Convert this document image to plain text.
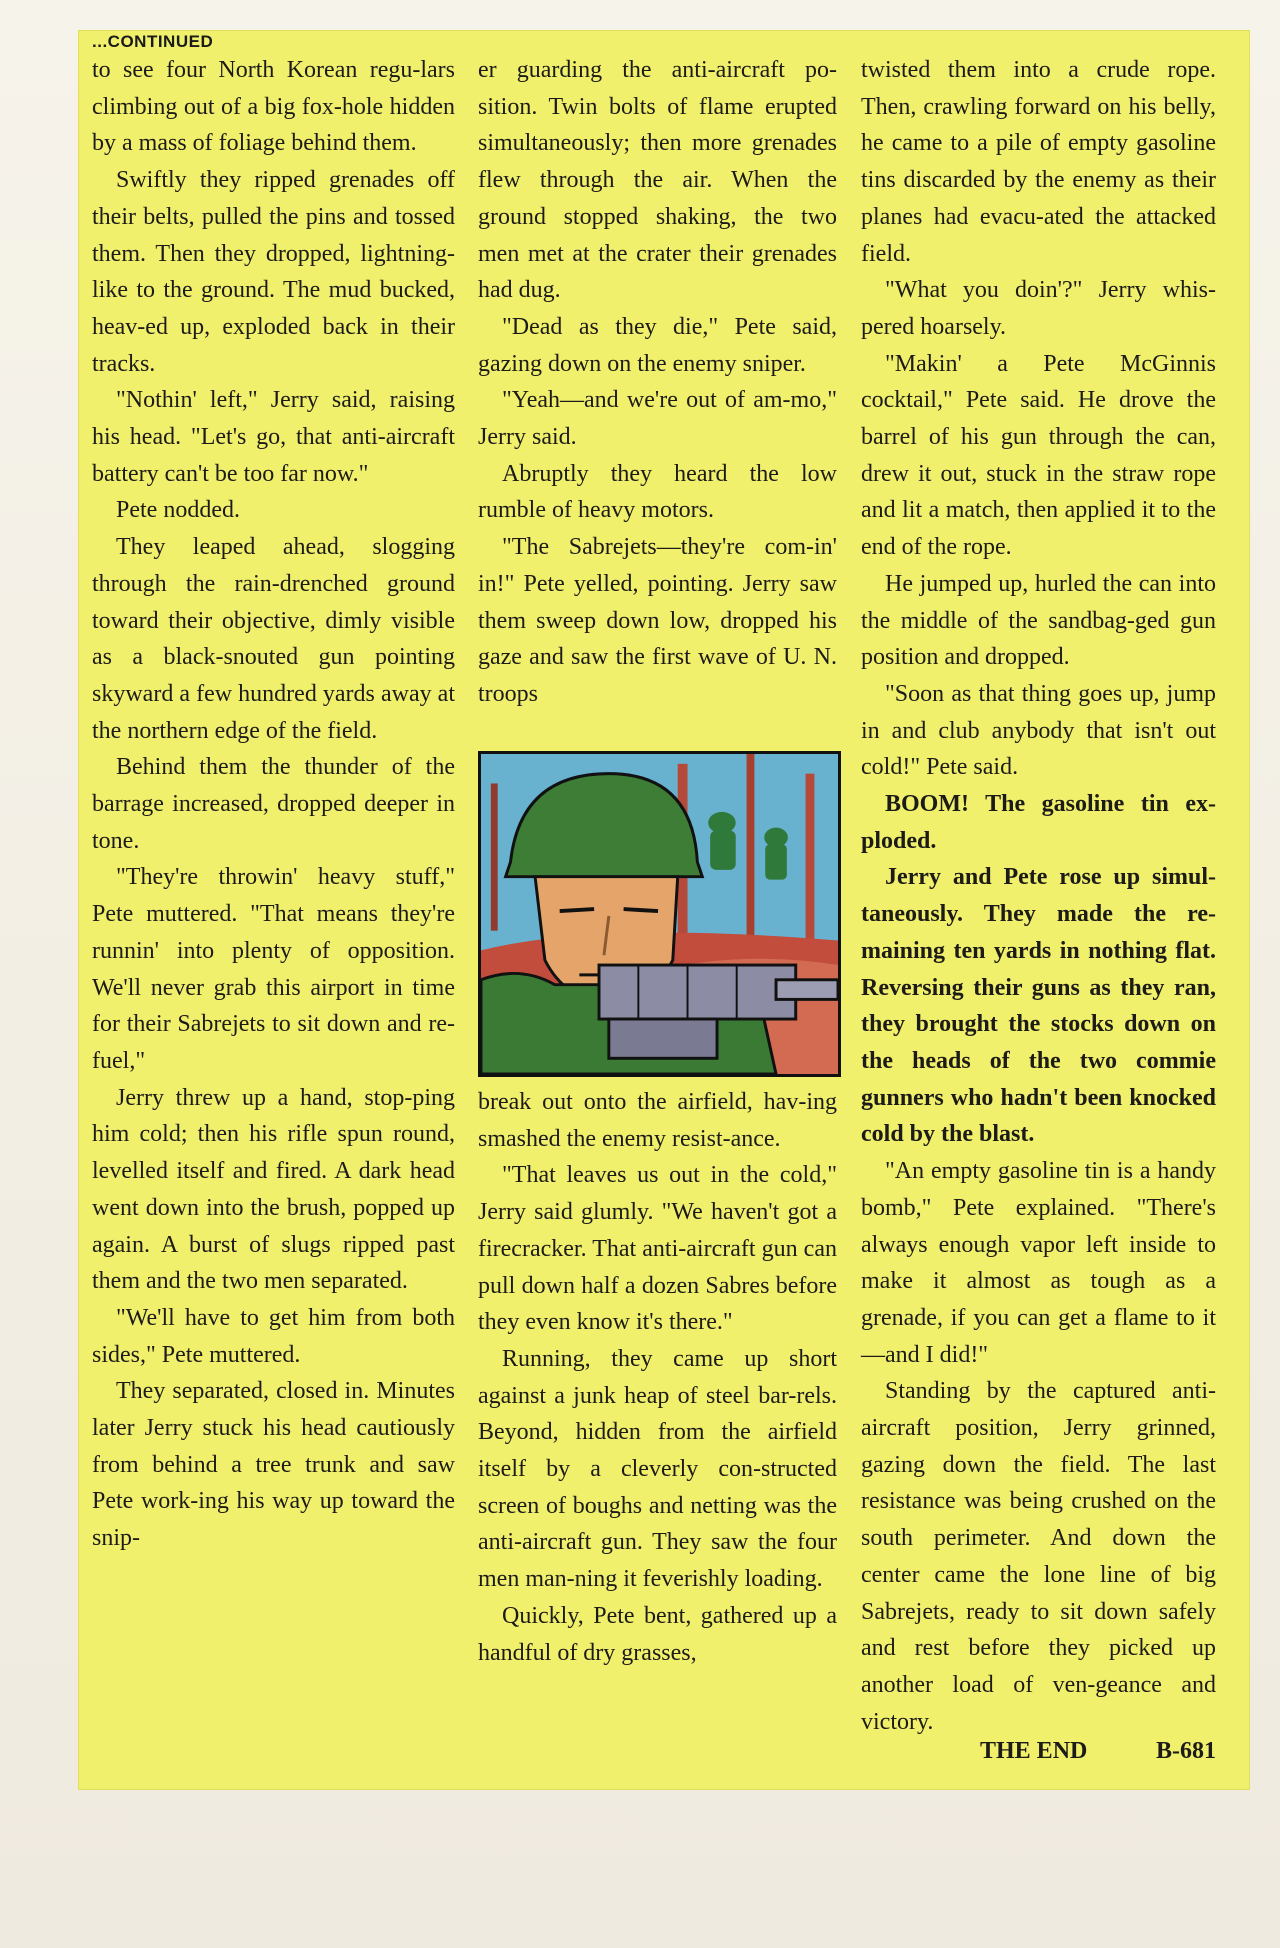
...CONTINUED

to see four North Korean regu-lars climbing out of a big fox-hole hidden by a mass of foliage behind them.

Swiftly they ripped grenades off their belts, pulled the pins and tossed them. Then they dropped, lightning-like to the ground. The mud bucked, heav-ed up, exploded back in their tracks.

"Nothin' left," Jerry said, raising his head. "Let's go, that anti-aircraft battery can't be too far now."

Pete nodded.

They leaped ahead, slogging through the rain-drenched ground toward their objective, dimly visible as a black-snouted gun pointing skyward a few hundred yards away at the northern edge of the field.

Behind them the thunder of the barrage increased, dropped deeper in tone.

"They're throwin' heavy stuff," Pete muttered. "That means they're runnin' into plenty of opposition. We'll never grab this airport in time for their Sabrejets to sit down and re-fuel,"

Jerry threw up a hand, stop-ping him cold; then his rifle spun round, levelled itself and fired. A dark head went down into the brush, popped up again. A burst of slugs ripped past them and the two men separated.

"We'll have to get him from both sides," Pete muttered.

They separated, closed in. Minutes later Jerry stuck his head cautiously from behind a tree trunk and saw Pete work-ing his way up toward the snip-

er guarding the anti-aircraft po-sition. Twin bolts of flame erupted simultaneously; then more grenades flew through the air. When the ground stopped shaking, the two men met at the crater their grenades had dug.

"Dead as they die," Pete said, gazing down on the enemy sniper.

"Yeah—and we're out of am-mo," Jerry said.

Abruptly they heard the low rumble of heavy motors.

"The Sabrejets—they're com-in' in!" Pete yelled, pointing. Jerry saw them sweep down low, dropped his gaze and saw the first wave of U. N. troops

break out onto the airfield, hav-ing smashed the enemy resist-ance.

"That leaves us out in the cold," Jerry said glumly. "We haven't got a firecracker. That anti-aircraft gun can pull down half a dozen Sabres before they even know it's there."

Running, they came up short against a junk heap of steel bar-rels. Beyond, hidden from the airfield itself by a cleverly con-structed screen of boughs and netting was the anti-aircraft gun. They saw the four men man-ning it feverishly loading.

Quickly, Pete bent, gathered up a handful of dry grasses,

twisted them into a crude rope. Then, crawling forward on his belly, he came to a pile of empty gasoline tins discarded by the enemy as their planes had evacu-ated the attacked field.

"What you doin'?" Jerry whis-pered hoarsely.

"Makin' a Pete McGinnis cocktail," Pete said. He drove the barrel of his gun through the can, drew it out, stuck in the straw rope and lit a match, then applied it to the end of the rope.

He jumped up, hurled the can into the middle of the sandbag-ged gun position and dropped.

"Soon as that thing goes up, jump in and club anybody that isn't out cold!" Pete said.

BOOM! The gasoline tin ex-ploded.

Jerry and Pete rose up simul-taneously. They made the re-maining ten yards in nothing flat. Reversing their guns as they ran, they brought the stocks down on the heads of the two commie gunners who hadn't been knocked cold by the blast.

"An empty gasoline tin is a handy bomb," Pete explained. "There's always enough vapor left inside to make it almost as tough as a grenade, if you can get a flame to it—and I did!"

Standing by the captured anti-aircraft position, Jerry grinned, gazing down the field. The last resistance was being crushed on the south perimeter. And down the center came the lone line of big Sabrejets, ready to sit down safely and rest before they picked up another load of ven-geance and victory.

THE END	B-681
